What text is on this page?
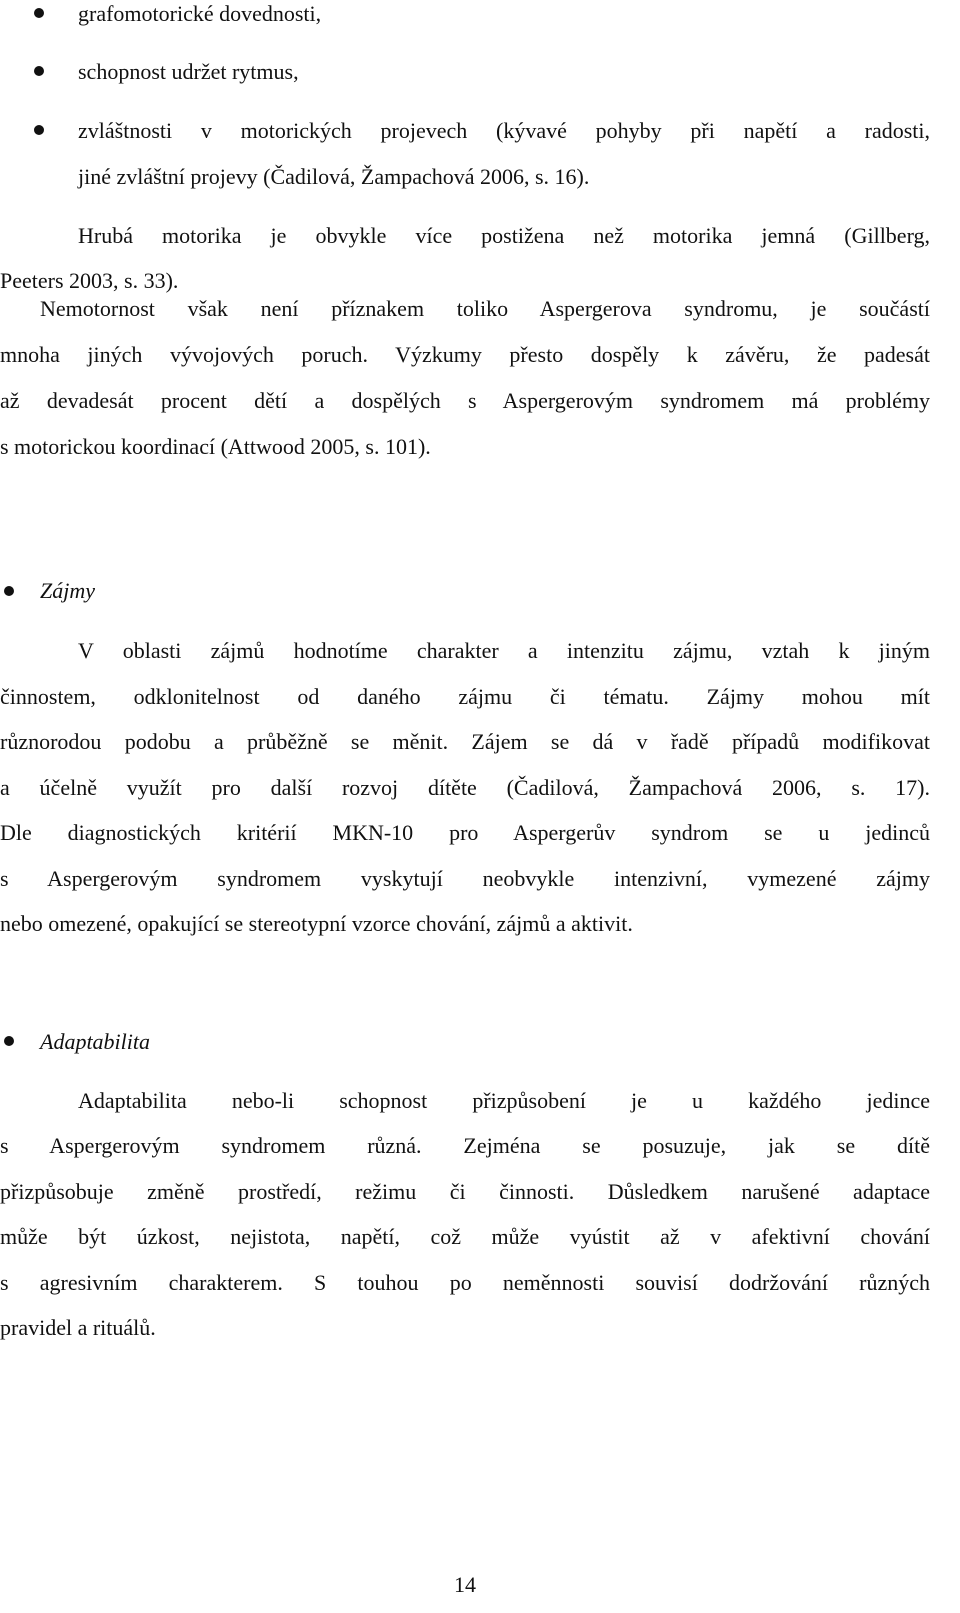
grafomotorické dovednosti,
schopnost udržet rytmus,
zvláštnosti v motorických projevech (kývavé pohyby při napětí a radosti,
jiné zvláštní projevy (Čadilová, Žampachová 2006, s. 16).
Hrubá motorika je obvykle více postižena než motorika jemná (Gillberg,
Peeters 2003, s. 33).
Nemotornost však není příznakem toliko Aspergerova syndromu, je součástí
mnoha jiných vývojových poruch. Výzkumy přesto dospěly k závěru, že padesát
až devadesát procent dětí a dospělých s Aspergerovým syndromem má problémy
s motorickou koordinací (Attwood 2005, s. 101).
Zájmy
V oblasti zájmů hodnotíme charakter a intenzitu zájmu, vztah k jiným
činnostem, odklonitelnost od daného zájmu či tématu. Zájmy mohou mít
různorodou podobu a průběžně se měnit. Zájem se dá v řadě případů modifikovat
a účelně využít pro další rozvoj dítěte (Čadilová, Žampachová 2006, s. 17).
Dle diagnostických kritérií MKN-10 pro Aspergerův syndrom se u jedinců
s Aspergerovým syndromem vyskytují neobvykle intenzivní, vymezené zájmy
nebo omezené, opakující se stereotypní vzorce chování, zájmů a aktivit.
Adaptabilita
Adaptabilita nebo-li schopnost přizpůsobení je u každého jedince
s Aspergerovým syndromem různá. Zejména se posuzuje, jak se dítě
přizpůsobuje změně prostředí, režimu či činnosti. Důsledkem narušené adaptace
může být úzkost, nejistota, napětí, což může vyústit až v afektivní chování
s agresivním charakterem. S touhou po neměnnosti souvisí dodržování různých
pravidel a rituálů.
14
